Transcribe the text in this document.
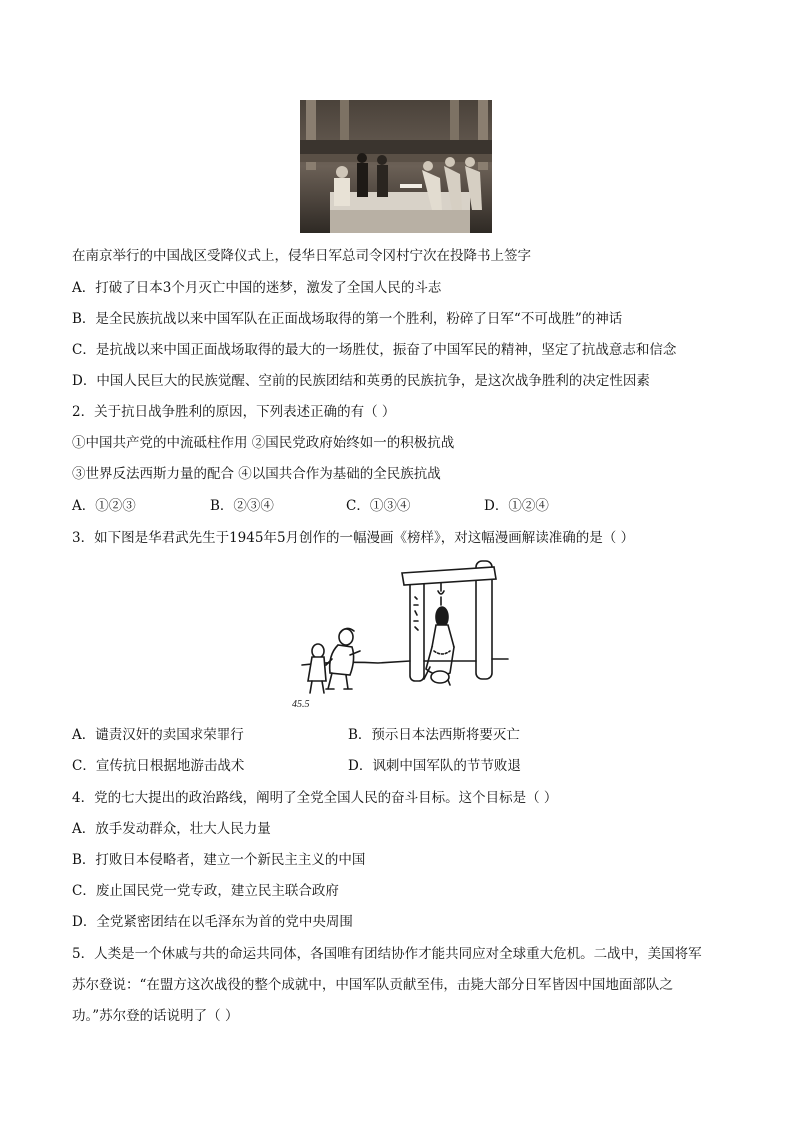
在南京举行的中国战区受降仪式上，侵华日军总司令冈村宁次在投降书上签字
A．打破了日本3个月灭亡中国的迷梦，激发了全国人民的斗志
B．是全民族抗战以来中国军队在正面战场取得的第一个胜利，粉碎了日军“不可战胜”的神话
C．是抗战以来中国正面战场取得的最大的一场胜仗，振奋了中国军民的精神，坚定了抗战意志和信念
D．中国人民巨大的民族觉醒、空前的民族团结和英勇的民族抗争，是这次战争胜利的决定性因素
2．关于抗日战争胜利的原因，下列表述正确的有（ ）
①中国共产党的中流砥柱作用 ②国民党政府始终如一的积极抗战
③世界反法西斯力量的配合 ④以国共合作为基础的全民族抗战
A．①②③	B．②③④	C．①③④	D．①②④
3．如下图是华君武先生于1945年5月创作的一幅漫画《榜样》，对这幅漫画解读准确的是（ ）
45.5
A．谴责汉奸的卖国求荣罪行	B．预示日本法西斯将要灭亡
C．宣传抗日根据地游击战术	D．讽刺中国军队的节节败退
4．党的七大提出的政治路线，阐明了全党全国人民的奋斗目标。这个目标是（ ）
A．放手发动群众，壮大人民力量
B．打败日本侵略者，建立一个新民主主义的中国
C．废止国民党一党专政，建立民主联合政府
D．全党紧密团结在以毛泽东为首的党中央周围
5．人类是一个休戚与共的命运共同体，各国唯有团结协作才能共同应对全球重大危机。二战中，美国将军
苏尔登说：“在盟方这次战役的整个成就中，中国军队贡献至伟，击毙大部分日军皆因中国地面部队之
功。”苏尔登的话说明了（ ）
